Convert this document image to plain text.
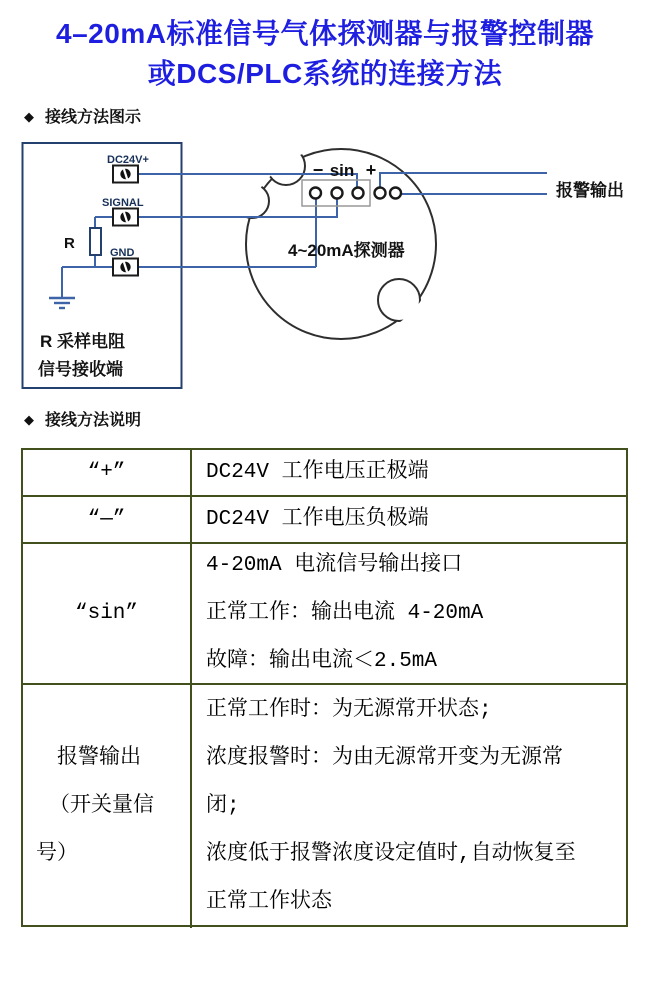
4–20mA标准信号气体探测器与报警控制器
或DCS/PLC系统的连接方法
◆ 接线方法图示
R
DC24V+
SIGNAL
GND
R 采样电阻
信号接收端
− sin +
4~20mA探测器
报警输出
◆ 接线方法说明
“+”	DC24V 工作电压正极端
“—”	DC24V 工作电压负极端
“sin”
4-20mA 电流信号输出接口
正常工作：输出电流 4-20mA
故障：输出电流＜2.5mA
报警输出
（开关量信
号）
正常工作时：为无源常开状态;
浓度报警时：为由无源常开变为无源常
闭;
浓度低于报警浓度设定值时,自动恢复至
正常工作状态
